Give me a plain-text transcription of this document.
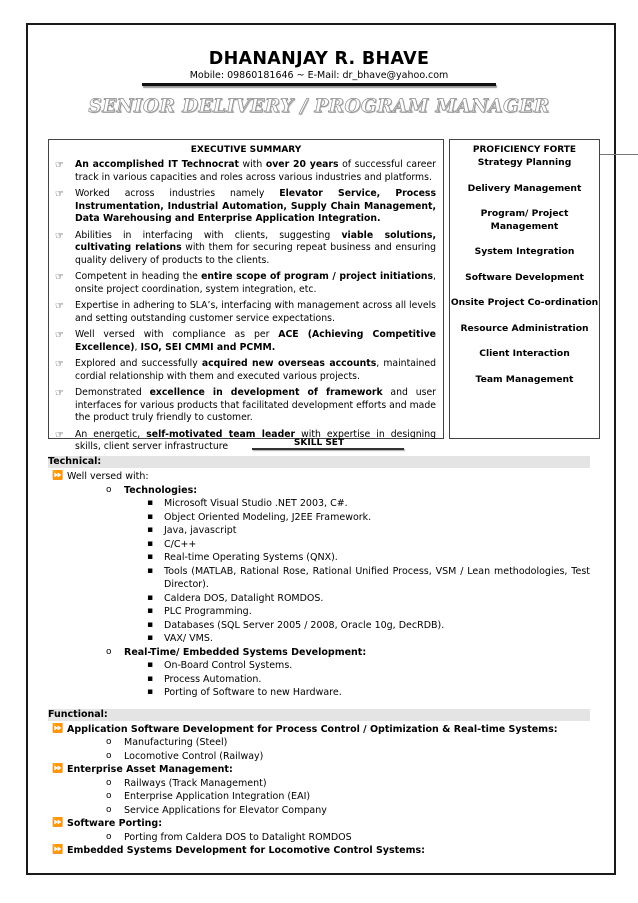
DHANANJAY R. BHAVE
Mobile: 09860181646 ~ E-Mail: dr_bhave@yahoo.com
SENIOR DELIVERY / PROGRAM MANAGER
EXECUTIVE SUMMARY
☞	An accomplished IT Technocrat with over 20 years of successful career track in various capacities and roles across various industries and platforms.
☞	Worked across industries namely Elevator Service, Process Instrumentation, Industrial Automation, Supply Chain Management, Data Warehousing and Enterprise Application Integration.
☞	Abilities in interfacing with clients, suggesting viable solutions, cultivating relations with them for securing repeat business and ensuring quality delivery of products to the clients.
☞	Competent in heading the entire scope of program / project initiations, onsite project coordination, system integration, etc.
☞	Expertise in adhering to SLA’s, interfacing with management across all levels and setting outstanding customer service expectations.
☞	Well versed with compliance as per ACE (Achieving Competitive Excellence), ISO, SEI CMMI and PCMM.
☞	Explored and successfully acquired new overseas accounts, maintained cordial relationship with them and executed various projects.
☞	Demonstrated excellence in development of framework and user interfaces for various products that facilitated development efforts and made the product truly friendly to customer.
☞	An energetic, self-motivated team leader with expertise in designing skills, client server infrastructure
PROFICIENCY FORTE
Strategy Planning
Delivery Management
Program/ Project Management
System Integration
Software Development
Onsite Project Co-ordination
Resource Administration
Client Interaction
Team Management
SKILL SET
Technical:
⏩ Well versed with:
o Technologies:
▪ Microsoft Visual Studio .NET 2003, C#.
▪ Object Oriented Modeling, J2EE Framework.
▪ Java, javascript
▪ C/C++
▪ Real-time Operating Systems (QNX).
▪ Tools (MATLAB, Rational Rose, Rational Unified Process, VSM / Lean methodologies, Test Director).
▪ Caldera DOS, Datalight ROMDOS.
▪ PLC Programming.
▪ Databases (SQL Server 2005 / 2008, Oracle 10g, DecRDB).
▪ VAX/ VMS.
o Real-Time/ Embedded Systems Development:
▪ On-Board Control Systems.
▪ Process Automation.
▪ Porting of Software to new Hardware.
Functional:
⏩ Application Software Development for Process Control / Optimization & Real-time Systems:
o Manufacturing (Steel)
o Locomotive Control (Railway)
⏩ Enterprise Asset Management:
o Railways (Track Management)
o Enterprise Application Integration (EAI)
o Service Applications for Elevator Company
⏩ Software Porting:
o Porting from Caldera DOS to Datalight ROMDOS
⏩ Embedded Systems Development for Locomotive Control Systems:
